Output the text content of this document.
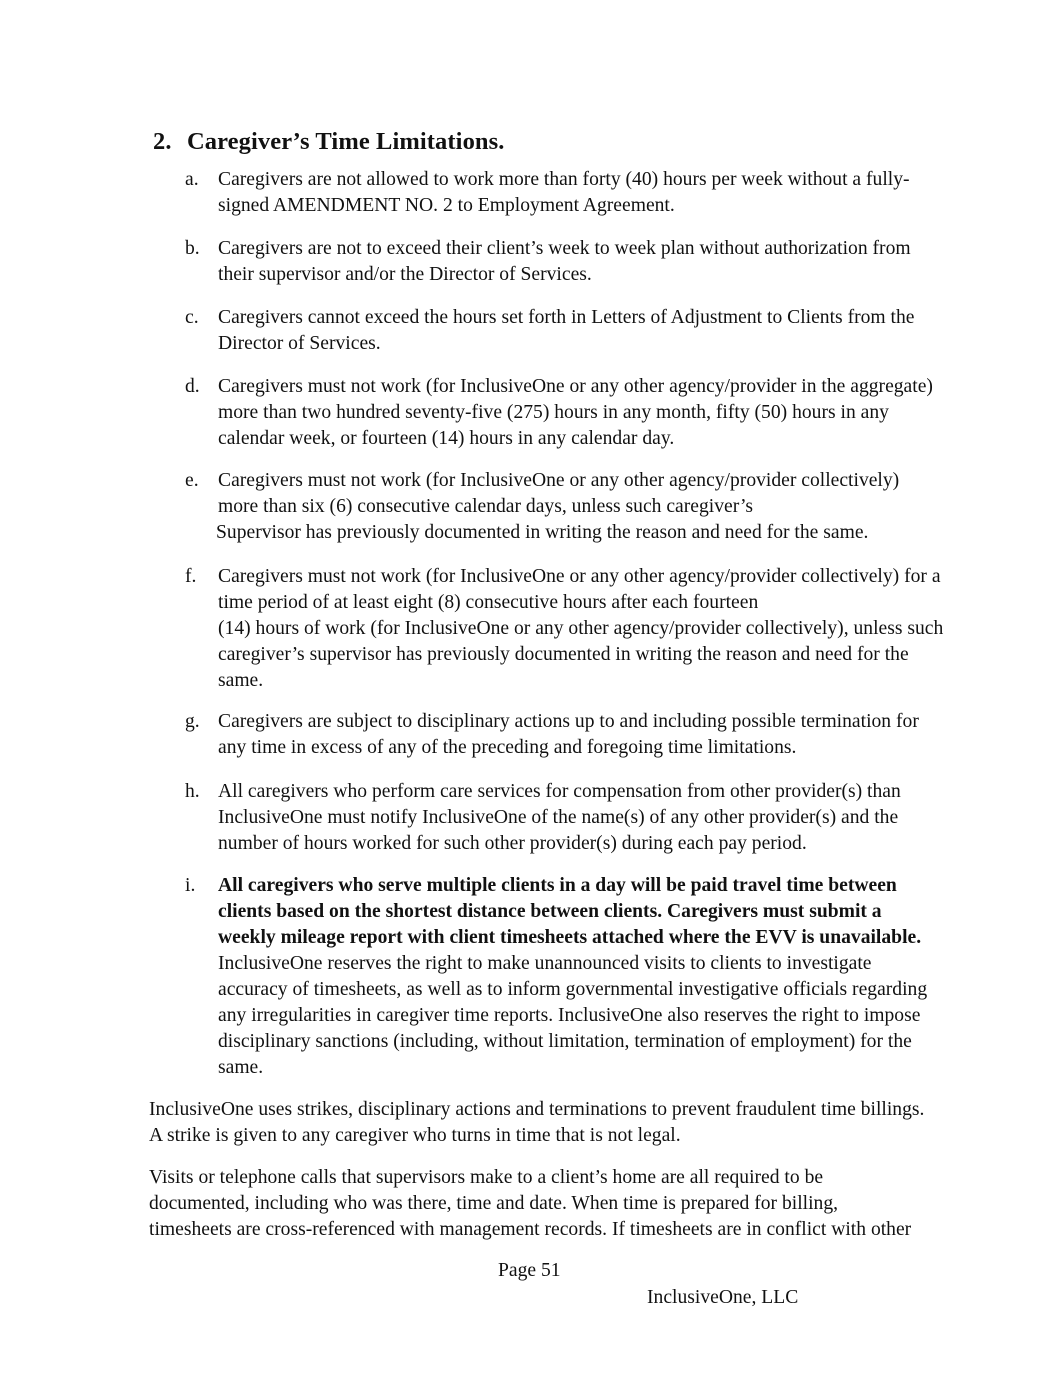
2. Caregiver’s Time Limitations.
a. Caregivers are not allowed to work more than forty (40) hours per week without a fully-
signed AMENDMENT NO. 2 to Employment Agreement.
b. Caregivers are not to exceed their client’s week to week plan without authorization from
their supervisor and/or the Director of Services.
c. Caregivers cannot exceed the hours set forth in Letters of Adjustment to Clients from the
Director of Services.
d. Caregivers must not work (for InclusiveOne or any other agency/provider in the aggregate)
more than two hundred seventy-five (275) hours in any month, fifty (50) hours in any
calendar week, or fourteen (14) hours in any calendar day.
e. Caregivers must not work (for InclusiveOne or any other agency/provider collectively)
more than six (6) consecutive calendar days, unless such caregiver’s
Supervisor has previously documented in writing the reason and need for the same.
f.	Caregivers must not work (for InclusiveOne or any other agency/provider collectively) for a
time period of at least eight (8) consecutive hours after each fourteen
(14) hours of work (for InclusiveOne or any other agency/provider collectively), unless such
caregiver’s supervisor has previously documented in writing the reason and need for the
same.
g. Caregivers are subject to disciplinary actions up to and including possible termination for
any time in excess of any of the preceding and foregoing time limitations.
h. All caregivers who perform care services for compensation from other provider(s) than
InclusiveOne must notify InclusiveOne of the name(s) of any other provider(s) and the
number of hours worked for such other provider(s) during each pay period.
i.	All caregivers who serve multiple clients in a day will be paid travel time between
clients based on the shortest distance between clients. Caregivers must submit a
weekly mileage report with client timesheets attached where the EVV is unavailable.
InclusiveOne reserves the right to make unannounced visits to clients to investigate
accuracy of timesheets, as well as to inform governmental investigative officials regarding
any irregularities in caregiver time reports. InclusiveOne also reserves the right to impose
disciplinary sanctions (including, without limitation, termination of employment) for the
same.
InclusiveOne uses strikes, disciplinary actions and terminations to prevent fraudulent time billings.
A strike is given to any caregiver who turns in time that is not legal.
Visits or telephone calls that supervisors make to a client’s home are all required to be
documented, including who was there, time and date. When time is prepared for billing,
timesheets are cross-referenced with management records. If timesheets are in conflict with other
Page 51
InclusiveOne, LLC
